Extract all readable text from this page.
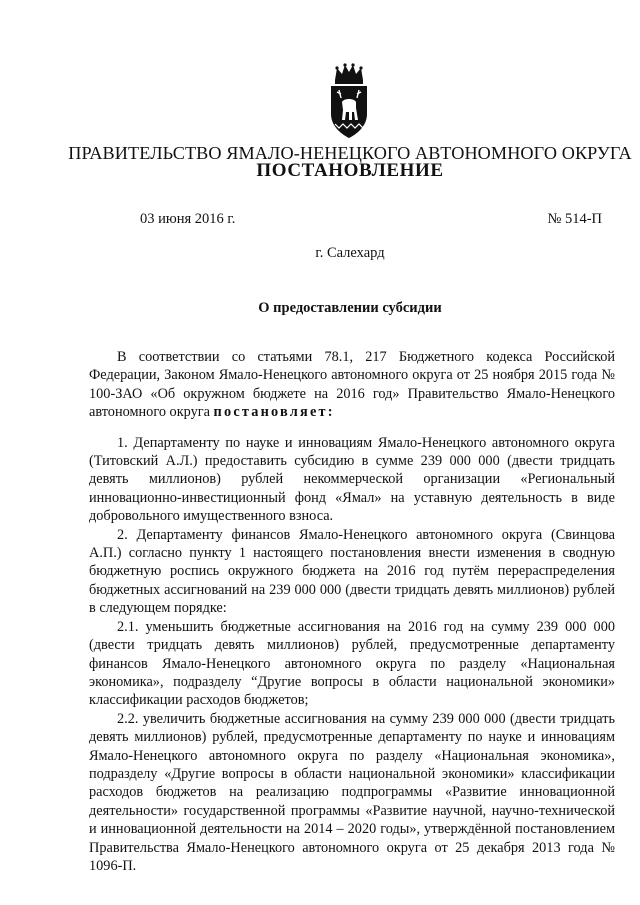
ПРАВИТЕЛЬСТВО ЯМАЛО-НЕНЕЦКОГО АВТОНОМНОГО ОКРУГА
ПОСТАНОВЛЕНИЕ
03 июня 2016 г.	№ 514-П
г. Салехард
О предоставлении субсидии

В соответствии со статьями 78.1, 217 Бюджетного кодекса Российской Федерации, Законом Ямало-Ненецкого автономного округа от 25 ноября 2015 года № 100-ЗАО «Об окружном бюджете на 2016 год» Правительство Ямало-Ненецкого автономного округа постановляет:

1. Департаменту по науке и инновациям Ямало-Ненецкого автономного округа (Титовский А.Л.) предоставить субсидию в сумме 239 000 000 (двести тридцать девять миллионов) рублей некоммерческой организации «Региональный инновационно-инвестиционный фонд «Ямал» на уставную деятельность в виде добровольного имущественного взноса.

2. Департаменту финансов Ямало-Ненецкого автономного округа (Свинцова А.П.) согласно пункту 1 настоящего постановления внести изменения в сводную бюджетную роспись окружного бюджета на 2016 год путём перераспределения бюджетных ассигнований на 239 000 000 (двести тридцать девять миллионов) рублей в следующем порядке:

2.1. уменьшить бюджетные ассигнования на 2016 год на сумму 239 000 000 (двести тридцать девять миллионов) рублей, предусмотренные департаменту финансов Ямало-Ненецкого автономного округа по разделу «Национальная экономика», подразделу “Другие вопросы в области национальной экономики» классификации расходов бюджетов;

2.2. увеличить бюджетные ассигнования на сумму 239 000 000 (двести тридцать девять миллионов) рублей, предусмотренные департаменту по науке и инновациям Ямало-Ненецкого автономного округа по разделу «Национальная экономика», подразделу «Другие вопросы в области национальной экономики» классификации расходов бюджетов на реализацию подпрограммы «Развитие инновационной деятельности» государственной программы «Развитие научной, научно-технической и инновационной деятельности на 2014 – 2020 годы», утверждённой постановлением Правительства Ямало-Ненецкого автономного округа от 25 декабря 2013 года № 1096-П.
